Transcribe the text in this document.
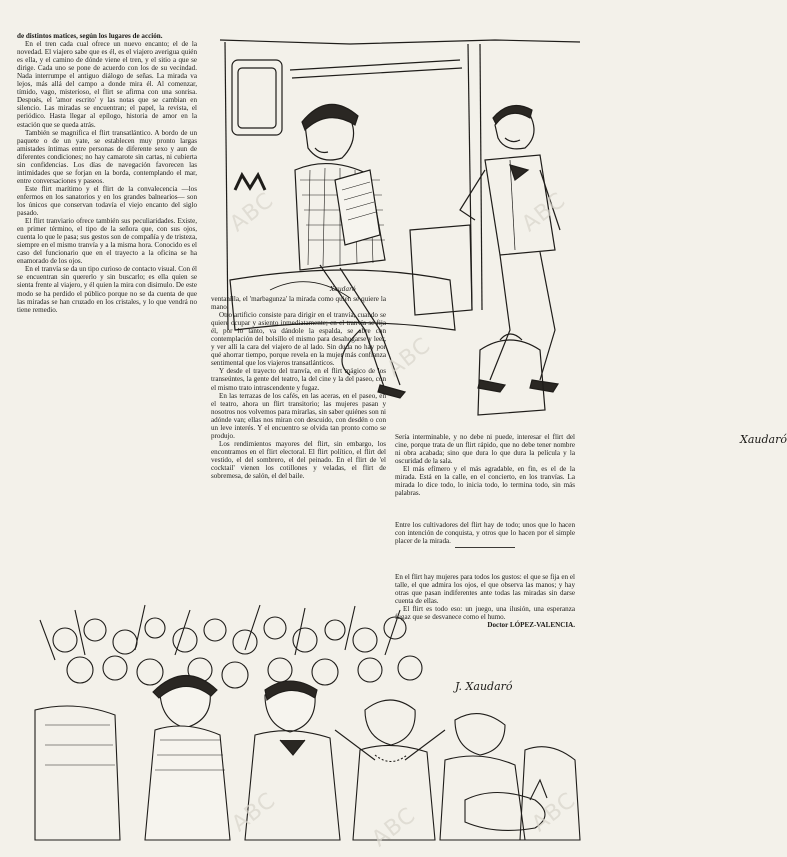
de distintos matices, según los lugares de acción.

En el tren cada cual ofrece un nuevo encanto; el de la novedad. El viajero sabe que es él, es el viajero averigua quién es ella, y el camino de dónde viene el tren, y el sitio a que se dirige. Cada uno se pone de acuerdo con los de su vecindad. Nada interrumpe el antiguo diálogo de señas. La mirada va lejos, más allá del campo a donde mira él. Al comenzar, tímido, vago, misterioso, el flirt se afirma con una sonrisa. Después, el 'amor escrito' y las notas que se cambian en silencio. Las miradas se encuentran; el papel, la revista, el periódico. Hasta llegar al epílogo, historia de amor en la estación que se queda atrás.

También se magnifica el flirt transatlántico. A bordo de un paquete o de un yate, se establecen muy pronto largas amistades íntimas entre personas de diferente sexo y aun de diferentes condiciones; no hay camarote sin cartas, ni cubierta sin confidencias. Los días de navegación favorecen las intimidades que se forjan en la borda, contemplando el mar, entre conversaciones y paseos.

Este flirt marítimo y el flirt de la convalecencia —los enfermos en los sanatorios y en los grandes balnearios— son los únicos que conservan todavía el viejo encanto del siglo pasado.

El flirt tranviario ofrece también sus peculiaridades. Existe, en primer término, el tipo de la señora que, con sus ojos, cuenta lo que le pasa; sus gestos son de compañía y de tristeza, siempre en el mismo tranvía y a la misma hora. Conocido es el caso del funcionario que en el trayecto a la oficina se ha enamorado de los ojos.

En el tranvía se da un tipo curioso de contacto visual. Con él se encuentran sin quererlo y sin buscarlo; es ella quien se sienta frente al viajero, y él quien la mira con disimulo. De este modo se ha perdido el público porque no se da cuenta de que las miradas se han cruzado en los cristales, y lo que vendrá no tiene remedio.

Xaudaró
Xaudaró

ventanilla, el 'marbagunza' la mirada como quien se quiere la mano.

Otro artificio consiste para dirigir en el tranvía, cuando se quiere ocupar y asiento inmediatamente; en el tranvía se fija él, por lo tanto, va dándole la espalda, se abre con contemplación del bolsillo el mismo para desahogarse y leer, y ver allí la cara del viajero de al lado. Sin duda no hay por qué ahorrar tiempo, porque revela en la mujer más confianza sentimental que los viajeros transatlánticos.

Y desde el trayecto del tranvía, en el flirt mágico de los transeúntes, la gente del teatro, la del cine y la del paseo, con el mismo trato intrascendente y fugaz.

En las terrazas de los cafés, en las aceras, en el paseo, en el teatro, ahora un flirt transitorio; las mujeres pasan y nosotros nos volvemos para mirarlas, sin saber quiénes son ni adónde van; ellas nos miran con descuido, con desdén o con un leve interés. Y el encuentro se olvida tan pronto como se produjo.

Los rendimientos mayores del flirt, sin embargo, los encontramos en el flirt electoral. El flirt político, el flirt del vestido, el del sombrero, el del peinado. En el flirt de 'el cocktail' vienen los cotillones y veladas, el flirt de sobremesa, de salón, el del baile.

Sería interminable, y no debe ni puede, interesar el flirt del cine, porque trata de un flirt rápido, que no debe tener nombre ni obra acabada; sino que dura lo que dura la película y la oscuridad de la sala.

El más efímero y el más agradable, en fin, es el de la mirada. Está en la calle, en el concierto, en los tranvías. La mirada lo dice todo, lo inicia todo, lo termina todo, sin más palabras.

Entre los cultivadores del flirt hay de todo; unos que lo hacen con intención de conquista, y otros que lo hacen por el simple placer de la mirada.

En el flirt hay mujeres para todos los gustos: el que se fija en el talle, el que admira los ojos, el que observa las manos; y hay otras que pasan indiferentes ante todas las miradas sin darse cuenta de ellas.

El flirt es todo eso: un juego, una ilusión, una esperanza fugaz que se desvanece como el humo.

Doctor LÓPEZ-VALENCIA.

J. Xaudaró
ABC
ABC
ABC
ABC	ABC	ABC
